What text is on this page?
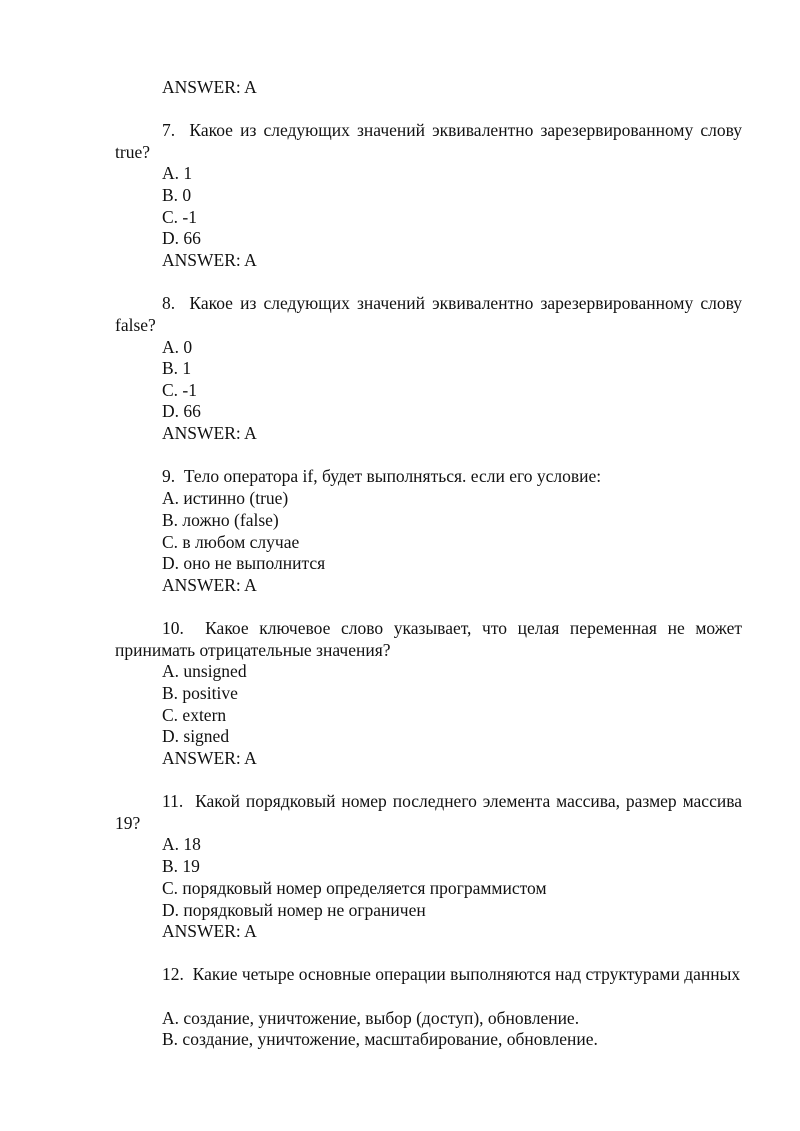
ANSWER: A
7. Какое из следующих значений эквивалентно зарезервированному слову true?
A. 1
B. 0
C. -1
D. 66
ANSWER: A
8. Какое из следующих значений эквивалентно зарезервированному слову false?
A. 0
B. 1
C. -1
D. 66
ANSWER: A
9. Тело оператора if, будет выполняться. если его условие:
A. истинно (true)
B. ложно (false)
C. в любом случае
D. оно не выполнится
ANSWER: A
10. Какое ключевое слово указывает, что целая переменная не может принимать отрицательные значения?
A. unsigned
B. positive
C. extern
D. signed
ANSWER: A
11. Какой порядковый номер последнего элемента массива, размер массива 19?
A. 18
B. 19
C. порядковый номер определяется программистом
D. порядковый номер не ограничен
ANSWER: A
12. Какие четыре основные операции выполняются над структурами данных
A. создание, уничтожение, выбор (доступ), обновление.
B. создание, уничтожение, масштабирование, обновление.
